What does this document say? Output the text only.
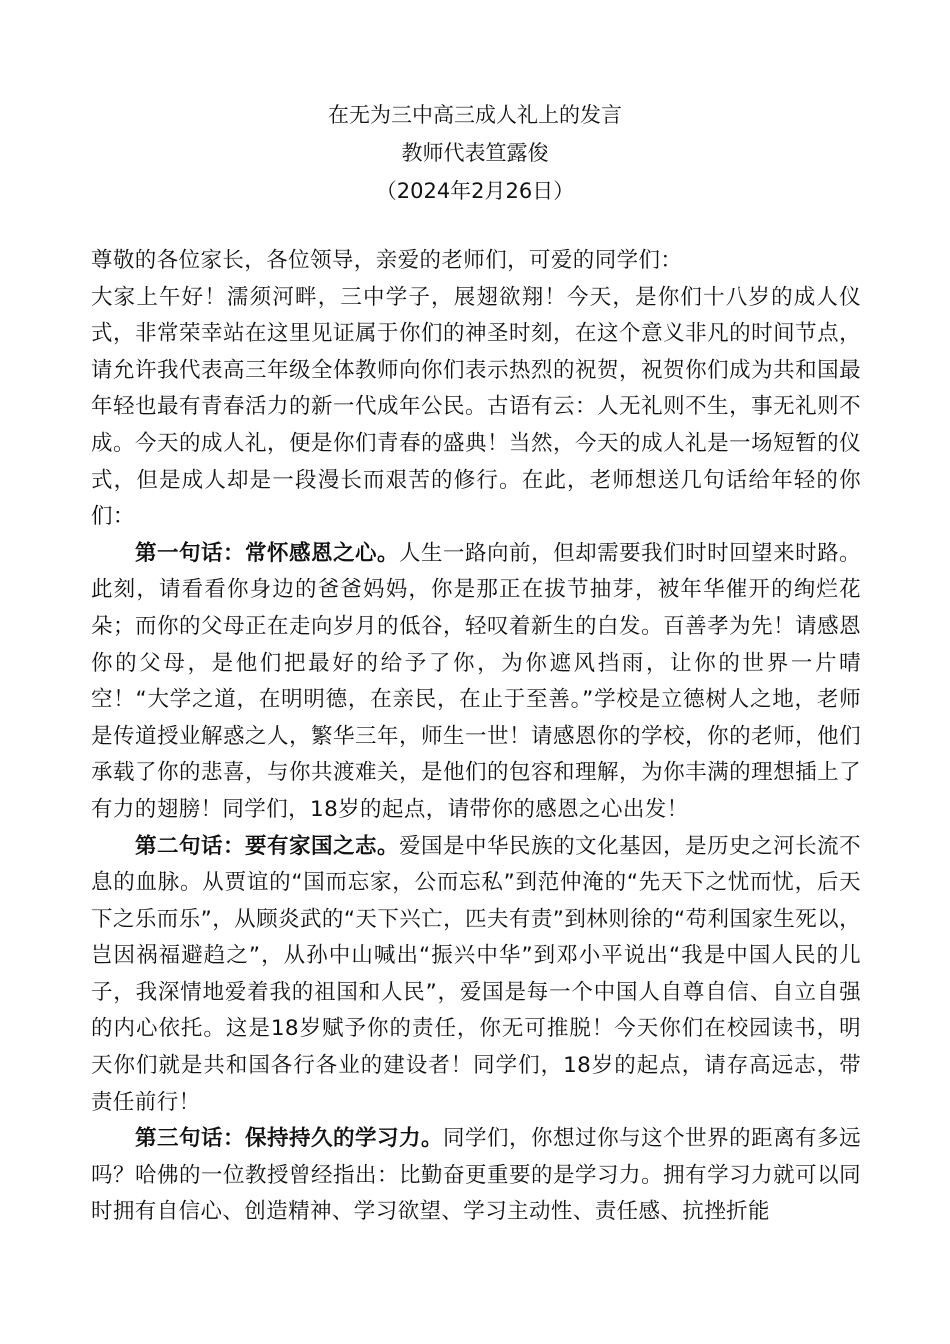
在无为三中高三成人礼上的发言
教师代表笪露俊
（2024年2月26日）

尊敬的各位家长，各位领导，亲爱的老师们，可爱的同学们：

大家上午好！濡须河畔，三中学子，展翅欲翔！今天，是你们十八岁的成人仪式，非常荣幸站在这里见证属于你们的神圣时刻，在这个意义非凡的时间节点，请允许我代表高三年级全体教师向你们表示热烈的祝贺，祝贺你们成为共和国最年轻也最有青春活力的新一代成年公民。古语有云：人无礼则不生，事无礼则不成。今天的成人礼，便是你们青春的盛典！当然，今天的成人礼是一场短暂的仪式，但是成人却是一段漫长而艰苦的修行。在此，老师想送几句话给年轻的你们：

第一句话：常怀感恩之心。人生一路向前，但却需要我们时时回望来时路。此刻，请看看你身边的爸爸妈妈，你是那正在拔节抽芽，被年华催开的绚烂花朵；而你的父母正在走向岁月的低谷，轻叹着新生的白发。百善孝为先！请感恩你的父母，是他们把最好的给予了你，为你遮风挡雨，让你的世界一片晴空！“大学之道，在明明德，在亲民，在止于至善。”学校是立德树人之地，老师是传道授业解惑之人，繁华三年，师生一世！请感恩你的学校，你的老师，他们承载了你的悲喜，与你共渡难关，是他们的包容和理解，为你丰满的理想插上了有力的翅膀！同学们，18岁的起点，请带你的感恩之心出发！

第二句话：要有家国之志。爱国是中华民族的文化基因，是历史之河长流不息的血脉。从贾谊的“国而忘家，公而忘私”到范仲淹的“先天下之忧而忧，后天下之乐而乐”，从顾炎武的“天下兴亡，匹夫有责”到林则徐的“苟利国家生死以，岂因祸福避趋之”，从孙中山喊出“振兴中华”到邓小平说出“我是中国人民的儿子，我深情地爱着我的祖国和人民”，爱国是每一个中国人自尊自信、自立自强的内心依托。这是18岁赋予你的责任，你无可推脱！今天你们在校园读书，明天你们就是共和国各行各业的建设者！同学们，18岁的起点，请存高远志，带责任前行！

第三句话：保持持久的学习力。同学们，你想过你与这个世界的距离有多远吗？哈佛的一位教授曾经指出：比勤奋更重要的是学习力。拥有学习力就可以同时拥有自信心、创造精神、学习欲望、学习主动性、责任感、抗挫折能
